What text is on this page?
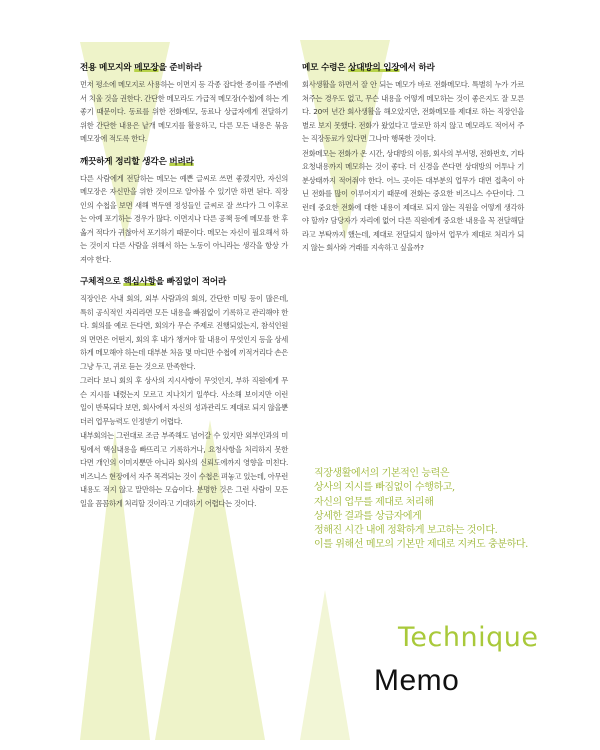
전용 메모지와 메모장을 준비하라

먼저 평소에 메모지로 사용하는 이면지 등 각종 잡다한 종이를 주변에서 치울 것을 권한다. 간단한 메모라도 가급적 메모장(수첩)에 하는 게 좋기 때문이다. 동료를 위한 전화메모, 동료나 상급자에게 전달하기 위한 간단한 내용은 낱개 메모지를 활용하고, 다른 모든 내용은 묶음 메모장에 적도록 한다.

깨끗하게 정리할 생각은 버려라

다른 사람에게 전달하는 메모는 예쁜 글씨로 쓰면 좋겠지만, 자신의 메모장은 자신만을 위한 것이므로 알아볼 수 있기만 하면 된다. 직장인의 수첩을 보면 새해 벽두엔 정성들인 글씨로 잘 쓰다가 그 이후로는 아예 포기하는 경우가 많다. 이면지나 다른 공책 등에 메모를 한 후 옮겨 적다가 귀찮아서 포기하기 때문이다. 메모는 자신이 필요해서 하는 것이지 다른 사람을 위해서 하는 노동이 아니라는 생각을 항상 가져야 한다.

구체적으로 핵심사항을 빠짐없이 적어라

직장인은 사내 회의, 외부 사람과의 회의, 간단한 미팅 등이 많은데, 특히 공식적인 자리라면 모든 내용을 빠짐없이 기록하고 관리해야 한다. 회의를 예로 든다면, 회의가 무슨 주제로 진행되었는지, 참석인원의 면면은 어떤지, 회의 후 내가 챙겨야 할 내용이 무엇인지 등을 상세하게 메모해야 하는데 대부분 처음 몇 마디만 수첩에 끼적거리다 손은 그냥 두고, 귀로 듣는 것으로 만족한다.

그러다 보니 회의 후 상사의 지시사항이 무엇인지, 부하 직원에게 무슨 지시를 내렸는지 모르고 지나치기 일쑤다. 사소해 보이지만 이런 일이 반복되다 보면, 회사에서 자신의 성과관리도 제대로 되지 않을뿐더러 업무능력도 인정받기 어렵다.

내부회의는 그런대로 조금 부족해도 넘어갈 수 있지만 외부인과의 미팅에서 핵심내용을 빠뜨리고 기록하거나, 요청사항을 처리하지 못한다면 개인의 이미지뿐만 아니라 회사의 신뢰도에까지 영향을 미친다. 비즈니스 현장에서 자주 목격되는 것이 수첩은 펴놓고 있는데, 아무런 내용도 적지 않고 말만하는 모습이다. 분명한 것은 그런 사람이 모든 일을 꼼꼼하게 처리할 것이라고 기대하기 어렵다는 것이다.

메모 수령은 상대방의 입장에서 하라

회사생활을 하면서 잘 안 되는 메모가 바로 전화메모다. 특별히 누가 가르쳐주는 경우도 없고, 무슨 내용을 어떻게 메모하는 것이 좋은지도 잘 모른다. 20여 년간 회사생활을 해오았지만, 전화메모를 제대로 하는 직장인을 별로 보지 못했다. 전화가 왔었다고 말로만 하지 않고 메모라도 적어서 주는 직장동료가 있다면 그나마 행복한 것이다.

전화메모는 전화가 온 시간, 상대방의 이름, 회사의 부서명, 전화번호, 기타 요청내용까지 메모하는 것이 좋다. 더 신경을 쓴다면 상대방의 어투나 기분상태까지 적어줘야 한다. 어느 곳이든 대부분의 업무가 대면 접촉이 아닌 전화를 많이 이루어지기 때문에 전화는 중요한 비즈니스 수단이다. 그런데 중요한 전화에 대한 내용이 제대로 되지 않는 직원을 어떻게 생각하야 할까? 담당자가 자리에 없어 다른 직원에게 중요한 내용을 꼭 전달해달라고 부탁까지 했는데, 제대로 전달되지 않아서 업무가 제대로 처리가 되지 않는 회사와 거래를 지속하고 싶을까?

직장생활에서의 기본적인 능력은
상사의 지시를 빠짐없이 수행하고,
자신의 업무를 제대로 처리해
상세한 결과를 상급자에게
정해진 시간 내에 정확하게 보고하는 것이다.
이를 위해선 메모의 기본만 제대로 지켜도 충분하다.
Technique
Memo
